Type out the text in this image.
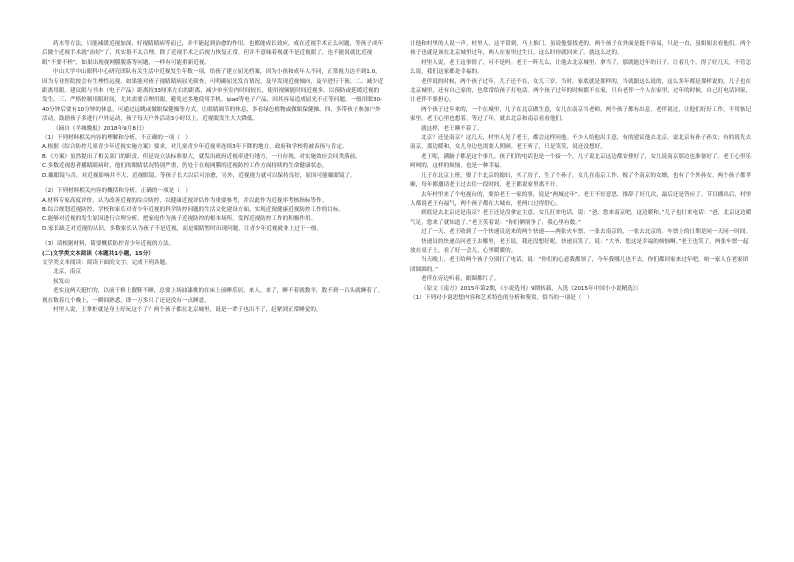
药水等方法，只能减缓近视加深，好视睛睛病等而已，并不能起到治愈的作用。也都能成长效应，戒在近视手术正么问题，等孩子成年后做个近视手术就“治好”了，其实很不太合理，除了近视手术之后视力恢复正常，但并不意味着视就不是近视眼了，也不能说就比近视眼“不要不样”，如果出现视网膜脱落等问题，一样有可能重新近视。

中山大学中山眼科中心研究团队有关生活中近视发生年数一项，给孩子建立屈光档案，因为小孩和成年人不同，正常视力达不到1.0，因为专业医院按会有生理性远视，如果能对孩子视睛睛病屈光筛查，可明确屈光发育情况，及早发现近视倾向，及早进行干预。二、减少近距离用眼。建议眼与书本（电子产品）距离持33厘米左右的距离，减少单至室内时间较长，使用视频能时间近视多。以预防或延缓近视的发生。三、严格控制用眼时间，尤其需要合理用眼，避免过多地使用手机、ipad等电子产品，因其容易造成屈光不正等问题，一般用眼30-40分钟后要有10分钟的休息，可通过远眺或做眼保健操等方式，让眼睛调节的休息，多看绿色植物或做眼保健操。四、多带孩子参加户外活动，鼓励孩子多进行户外运动，孩子每天户外活动3小时以上，近视眼发生大大降低。

（摘自《羊城晚报》2018年9月8日）

（1）下列材料相关内容的理解和分析，不正确的一项（　）

A.根据《综合防控儿童青少年近视实施方案》要求，对儿童青少年近视率连续3年下降的地方，政府和学校将被表扬与肯定。

B.《方案》虽然提出了相关部门的职责，但是设立法标准很大，就发出政府近视率进行地方，一旦存现，对实施效应会同类落前。

C.多数近视患者播睛睛病时，他们的眼睛状况特别严重，仍处于在视网膜的近视防控工作方面持续的生命健康状态。

D.戴眼镜与否，对近视影响并不大，近视眼镜、等孩子长大以后可治愈，另外，近视视力就可以保持良好，原因可能戴眼镜了。

（2）下列材料相关内容的概括和分析，正确的一项是（　）

A.材料专家高度评价，认为改善近视的综合防控，以健康近视评估作为重要参考，并以此作为近视率考核指标等作。

B.综合规划近视防控，学校和家长对青少年近视的科学防控问题的生活文化建设方面，实现近视健康近视防控工作的目标。

C.能够对近视的发生原因进行合理分析，把家庭作为孩子近视防控的根本场所，发挥近视防控工作的积极作用。

D.家长缺乏对近视的认识，多数家长认为孩子不是近视，而是眼睛暂时出现问题，让青少年近视就业上过于一般。

（3）请根据材料，简要概括防控青少年近视的方法。

(二)文学类文本阅读（本题共1小题，15分）

文学类文本阅读：阅读下面的文字，完成下列各题。

北京，南京

侯发山

老实这两天挺忙的，以前干修上靓鞋不睡，总要上场油漆挑的在床上前睡乐居。来人，来了，睡不着就数羊，数不到一百头就睡着了。现在数着几个晚上，一瞬间熟悉，即一万多只了还是没有一点睡意。

村里人说，王掌柜就是身上好玩这个了？两个孩子都在北京城里，说是一辈子也出不了，赶紧到正常睡觉的。

让他和村里的人说一声。村里人，这平常到，马上推门，虽说他要找老的，两个孩子在外面是挺不容易，只是一直，虽姐姐去看他们。两个孩子也就是该在北京城里过年，两人在家里过生日，这么时你就回来了。就这么过的。

村里人说，老王这事情了，可不是吗。老王一阵儿么，让他去北京城里，拿当了，那就能过年的日子，让着几个，得了好几天，不管怎么说，我们这家都是幸福的。

老伴说的时候，两个孩子过年，儿子还不在，女儿三岁。当时，家底就是那样的，当就跟这么说的，这么多年都是那样说的。儿子也在北京城里，还有自己家的，也常常给孩子打电话。两个孩子过年的时候都不在家，只有老伴一个人在家里，过年的时候，自己打电话回家，让老伴不要担心。

两个孩子过年来的，一个在城里，儿子在北京做生意，女儿在南京当老师。两个孩子都有出息，老伴说过，让他们好好工作，不用惦记家里。老王心里也想着，等过了年，就去北京和南京看看他们。

就这样，老王睡不着了。

北京？还是南京？这几天，村里人见了老王，都会这样问他。不少人给他出主意，有的建议他去北京，说北京有孙子孙女；有的说先去南京，那边暖和，女儿身边也需要人照顾。老王听了，只是笑笑，说还没想好。

老王呢，满脑子都是这个事儿。孩子们的电话也是一个接一个，儿子说北京这边都安排好了，女儿说南京那边也准备好了。老王心里乐呵呵的，这样的烦恼，也是一种幸福。

儿子在北京上班，娶了个北京的媳妇，买了房子，生了个孙子。女儿在南京工作，嫁了个南京的女婿，也有了个外孙女。两个孩子都孝顺，每年都邀请老王过去住一段时间，老王都说家里离不开。

去年村里来了个电视台的，要拍老王一家的事，说是“两城过年”。老王不好意思，推辞了好几次，最后还是答应了。节目播出后，村里人都说老王有福气，两个孩子都在大城市，老两口过得舒心。

到底是去北京还是南京？老王还是没拿定主意。女儿打来电话，说：“爸，您来南京吧，这边暖和。”儿子也打来电话：“爸，北京这边暖气足，您来了就知道了。”老王笑着说：“你们俩别争了，我心里有数。”

过了一天，老王收到了一个快递员送来的两个快递——两张火车票，一张去南京的，一张去北京的。车票上的日期是同一天同一时间。

快递员的快递员问老王去哪里，老王说，我还没想好呢。快递员笑了，说：“大爷，您这是幸福的烦恼啊。”老王也笑了，两张车票一起放在桌子上，看了好一会儿，心里暖暖的。

当天晚上，老王给两个孩子分别打了电话，说：“你们的心意我都领了，今年我哪儿也不去，你们都回家来过年吧，咱一家人在老家团团圆圆的。”

老伴在旁边听着，眼圈都红了。

（原文《南方》2015年第2期，《小说选刊》9期转载，入选《2015年中国小小说精选》）

（1）下列对小说思想内容和艺术特色的分析和鉴赏，恰当的一项是（　）
